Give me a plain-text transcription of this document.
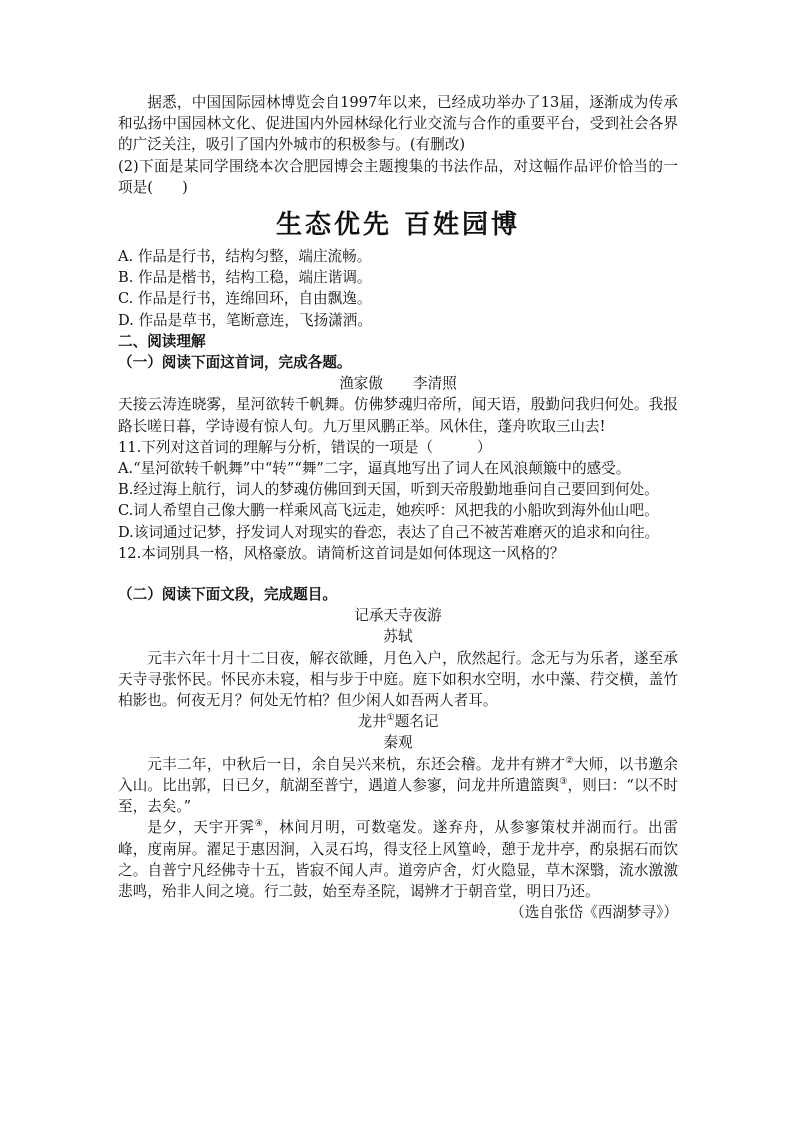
据悉，中国国际园林博览会自1997年以来，已经成功举办了13届，逐渐成为传承和弘扬中国园林文化、促进国内外园林绿化行业交流与合作的重要平台，受到社会各界的广泛关注，吸引了国内外城市的积极参与。(有删改)

(2)下面是某同学围绕本次合肥园博会主题搜集的书法作品，对这幅作品评价恰当的一项是(　　)

生态优先 百姓园博

A. 作品是行书，结构匀整，端庄流畅。

B. 作品是楷书，结构工稳，端庄谐调。

C. 作品是行书，连绵回环，自由飘逸。

D. 作品是草书，笔断意连，飞扬潇洒。

二、阅读理解

（一）阅读下面这首词，完成各题。

渔家傲 李清照

天接云涛连晓雾，星河欲转千帆舞。仿佛梦魂归帝所，闻天语，殷勤问我归何处。我报路长嗟日暮，学诗谩有惊人句。九万里风鹏正举。风休住，蓬舟吹取三山去!

11.下列对这首词的理解与分析，错误的一项是（　　　）

A.“星河欲转千帆舞”中“转”“舞”二字，逼真地写出了词人在风浪颠簸中的感受。

B.经过海上航行，词人的梦魂仿佛回到天国，听到天帝殷勤地垂问自己要回到何处。

C.词人希望自己像大鹏一样乘风高飞远走，她疾呼：风把我的小船吹到海外仙山吧。

D.该词通过记梦，抒发词人对现实的眷恋，表达了自己不被苦难磨灭的追求和向往。

12.本词别具一格，风格豪放。请简析这首词是如何体现这一风格的？

（二）阅读下面文段，完成题目。

记承天寺夜游

苏轼

元丰六年十月十二日夜，解衣欲睡，月色入户，欣然起行。念无与为乐者，遂至承天寺寻张怀民。怀民亦未寝，相与步于中庭。庭下如积水空明，水中藻、荇交横，盖竹柏影也。何夜无月？何处无竹柏？但少闲人如吾两人者耳。

龙井①题名记

秦观

元丰二年，中秋后一日，余自吴兴来杭，东还会稽。龙井有辨才②大师，以书邀余入山。比出郭，日已夕，航湖至普宁，遇道人参寥，问龙井所遣篮舆③，则曰：“以不时至，去矣。”

是夕，天宇开霁④，林间月明，可数毫发。遂弃舟，从参寥策杖并湖而行。出雷峰，度南屏。濯足于惠因涧，入灵石坞，得支径上风篁岭，憩于龙井亭，酌泉据石而饮之。自普宁凡经佛寺十五，皆寂不闻人声。道旁庐舍，灯火隐显，草木深翳，流水激激悲鸣，殆非人间之境。行二鼓，始至寿圣院，谒辨才于朝音堂，明日乃还。

（选自张岱《西湖梦寻》）
